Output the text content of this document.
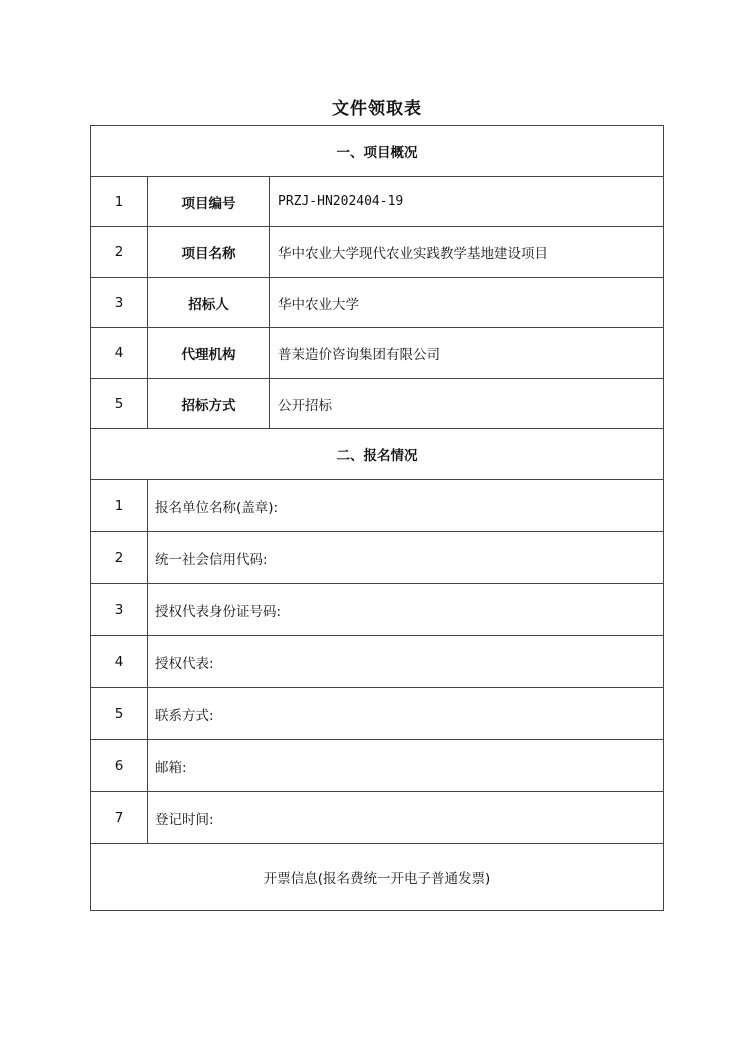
文件领取表
一、项目概况		
1	项目编号	PRZJ-HN202404-19
2	项目名称	华中农业大学现代农业实践教学基地建设项目
3	招标人	华中农业大学
4	代理机构	普茉造价咨询集团有限公司
5	招标方式	公开招标
二、报名情况		
1	报名单位名称(盖章):	
2	统一社会信用代码:	
3	授权代表身份证号码:	
4	授权代表:	
5	联系方式:	
6	邮箱:	
7	登记时间:	
开票信息(报名费统一开电子普通发票)		
